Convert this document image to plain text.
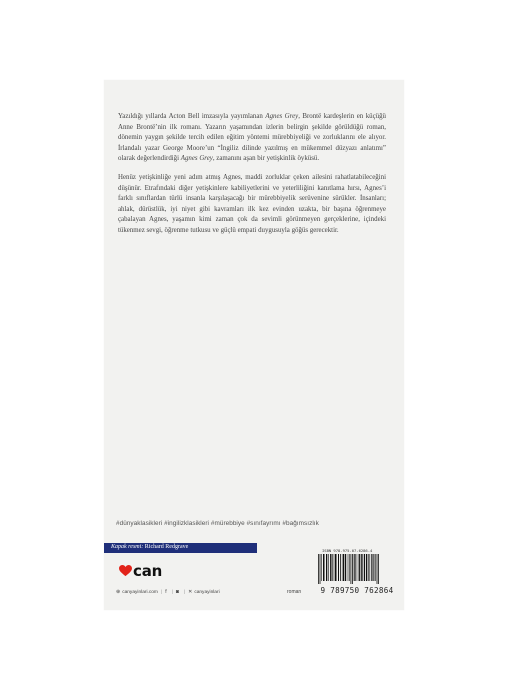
Yazıldığı yıllarda Acton Bell imzasıyla yayımlanan Agnes Grey, Brontë kardeşlerin en küçüğü Anne Brontë’nin ilk romanı. Yazarın yaşamından izlerin belirgin şekilde görüldüğü roman, dönemin yaygın şekilde tercih edilen eğitim yöntemi mürebbiyeliği ve zorluklarını ele alıyor. İrlandalı yazar George Moore’un “İngiliz dilinde yazılmış en mükemmel düzyazı anlatımı” olarak değerlendirdiği Agnes Grey, zamanını aşan bir yetişkinlik öyküsü.

Henüz yetişkinliğe yeni adım atmış Agnes, maddi zorluklar çeken ailesini rahatlatabileceğini düşünür. Etrafındaki diğer yetişkinlere kabiliyetlerini ve yeterliliğini kanıtlama hırsı, Agnes’i farklı sınıflardan türlü insanla karşılaşacağı bir mürebbiyelik serüvenine sürükler. İnsanları; ahlak, dürüstlük, iyi niyet gibi kavramları ilk kez evinden uzakta, bir başına öğrenmeye çabalayan Agnes, yaşamın kimi zaman çok da sevimli görünmeyen gerçeklerine, içindeki tükenmez sevgi, öğrenme tutkusu ve güçlü empati duygusuyla göğüs gerecektir.

#dünyaklasikleri #ingilizklasikleri #mürebbiye #sınıfayrımı #bağımsızlık
Kapak resmi: Richard Redgrave
ISBN 978-975-07-6286-4
9 789750 762864
can
⊕ canyayinlari.com | f | ◙ | ✕ canyayinlari	roman
